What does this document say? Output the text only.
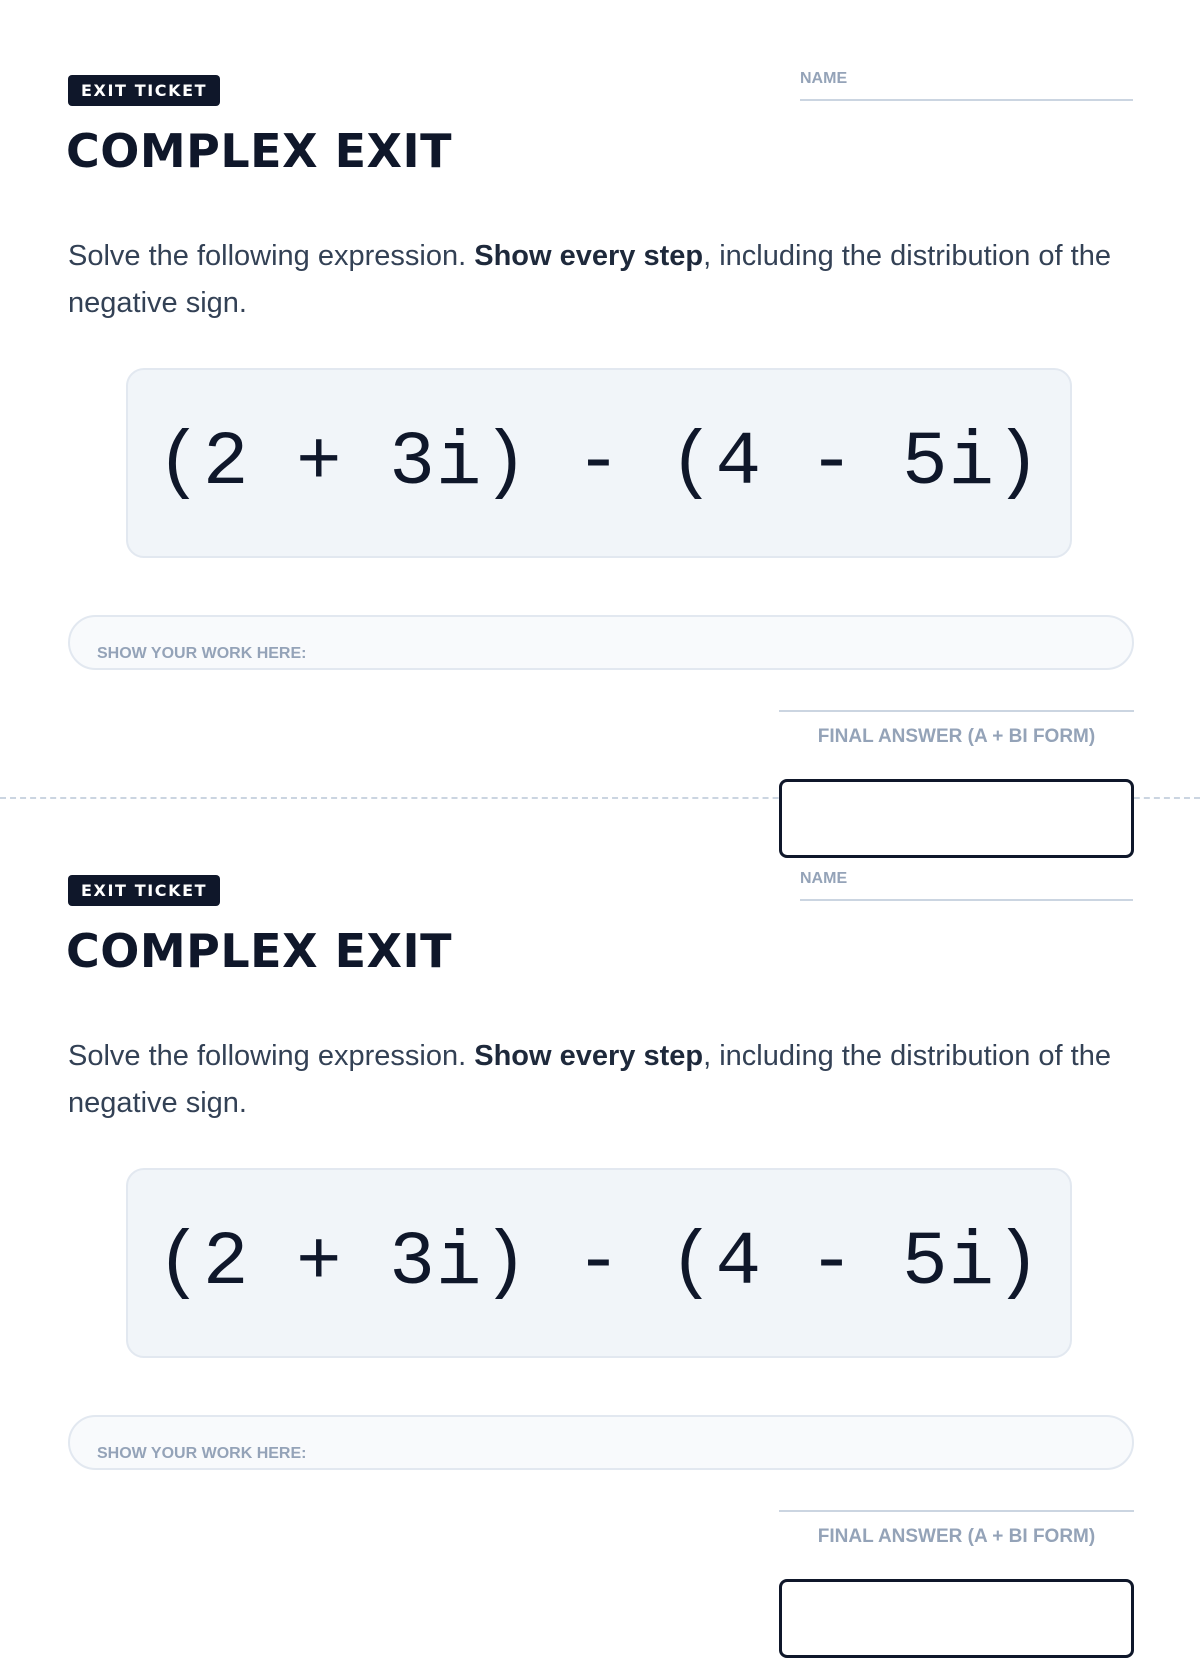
EXIT TICKET
COMPLEX EXIT
NAME

Solve the following expression. Show every step, including the distribution of the negative sign.

(2 + 3i) - (4 - 5i)
SHOW YOUR WORK HERE:
FINAL ANSWER (A + BI FORM)
EXIT TICKET
COMPLEX EXIT
NAME

Solve the following expression. Show every step, including the distribution of the negative sign.

(2 + 3i) - (4 - 5i)
SHOW YOUR WORK HERE:
FINAL ANSWER (A + BI FORM)
